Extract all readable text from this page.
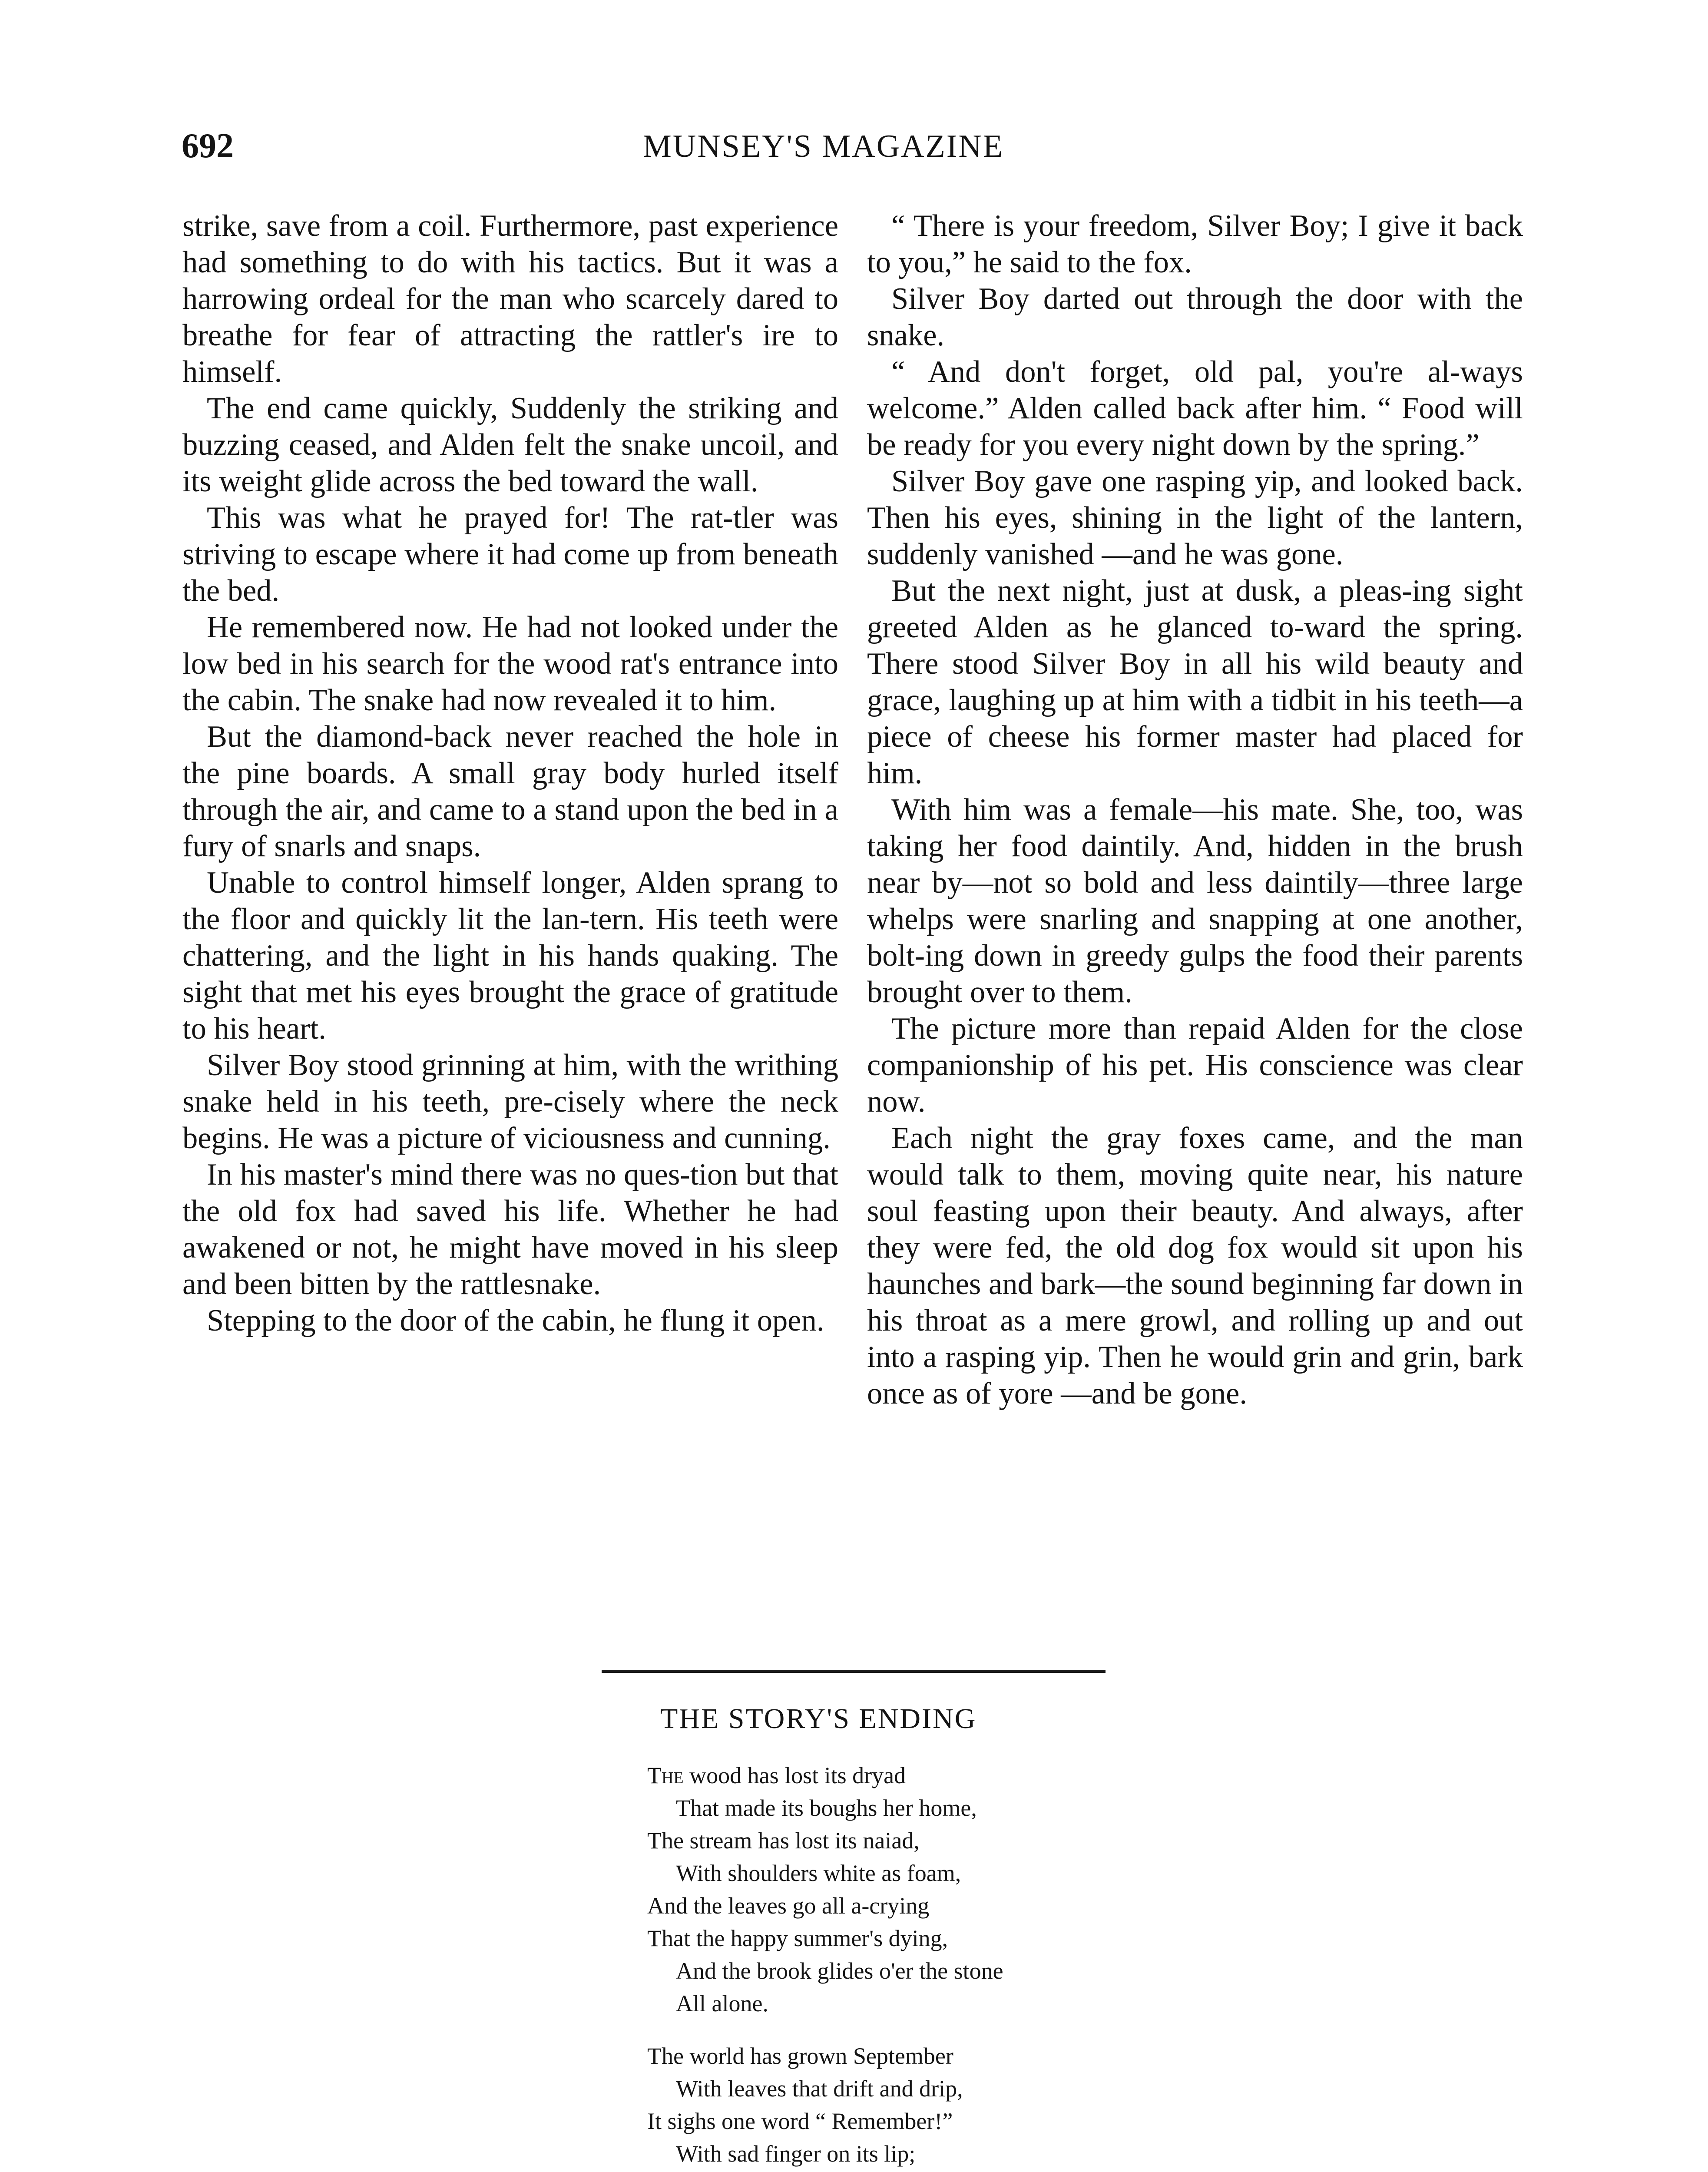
692	MUNSEY'S MAGAZINE

strike, save from a coil. Furthermore, past experience had something to do with his tactics. But it was a harrowing ordeal for the man who scarcely dared to breathe for fear of attracting the rattler's ire to himself.

The end came quickly, Suddenly the striking and buzzing ceased, and Alden felt the snake uncoil, and its weight glide across the bed toward the wall.

This was what he prayed for! The rat-tler was striving to escape where it had come up from beneath the bed.

He remembered now. He had not looked under the low bed in his search for the wood rat's entrance into the cabin. The snake had now revealed it to him.

But the diamond-back never reached the hole in the pine boards. A small gray body hurled itself through the air, and came to a stand upon the bed in a fury of snarls and snaps.

Unable to control himself longer, Alden sprang to the floor and quickly lit the lan-tern. His teeth were chattering, and the light in his hands quaking. The sight that met his eyes brought the grace of gratitude to his heart.

Silver Boy stood grinning at him, with the writhing snake held in his teeth, pre-cisely where the neck begins. He was a picture of viciousness and cunning.

In his master's mind there was no ques-tion but that the old fox had saved his life. Whether he had awakened or not, he might have moved in his sleep and been bitten by the rattlesnake.

Stepping to the door of the cabin, he flung it open.

“ There is your freedom, Silver Boy; I give it back to you,” he said to the fox.

Silver Boy darted out through the door with the snake.

“ And don't forget, old pal, you're al-ways welcome.” Alden called back after him. “ Food will be ready for you every night down by the spring.”

Silver Boy gave one rasping yip, and looked back. Then his eyes, shining in the light of the lantern, suddenly vanished —and he was gone.

But the next night, just at dusk, a pleas-ing sight greeted Alden as he glanced to-ward the spring. There stood Silver Boy in all his wild beauty and grace, laughing up at him with a tidbit in his teeth—a piece of cheese his former master had placed for him.

With him was a female—his mate. She, too, was taking her food daintily. And, hidden in the brush near by—not so bold and less daintily—three large whelps were snarling and snapping at one another, bolt-ing down in greedy gulps the food their parents brought over to them.

The picture more than repaid Alden for the close companionship of his pet. His conscience was clear now.

Each night the gray foxes came, and the man would talk to them, moving quite near, his nature soul feasting upon their beauty. And always, after they were fed, the old dog fox would sit upon his haunches and bark—the sound beginning far down in his throat as a mere growl, and rolling up and out into a rasping yip. Then he would grin and grin, bark once as of yore —and be gone.

THE STORY'S ENDING
The wood has lost its dryad
That made its boughs her home,
The stream has lost its naiad,
With shoulders white as foam,
And the leaves go all a-crying
That the happy summer's dying,
And the brook glides o'er the stone
All alone.
The world has grown September
With leaves that drift and drip,
It sighs one word “ Remember!”
With sad finger on its lip;
